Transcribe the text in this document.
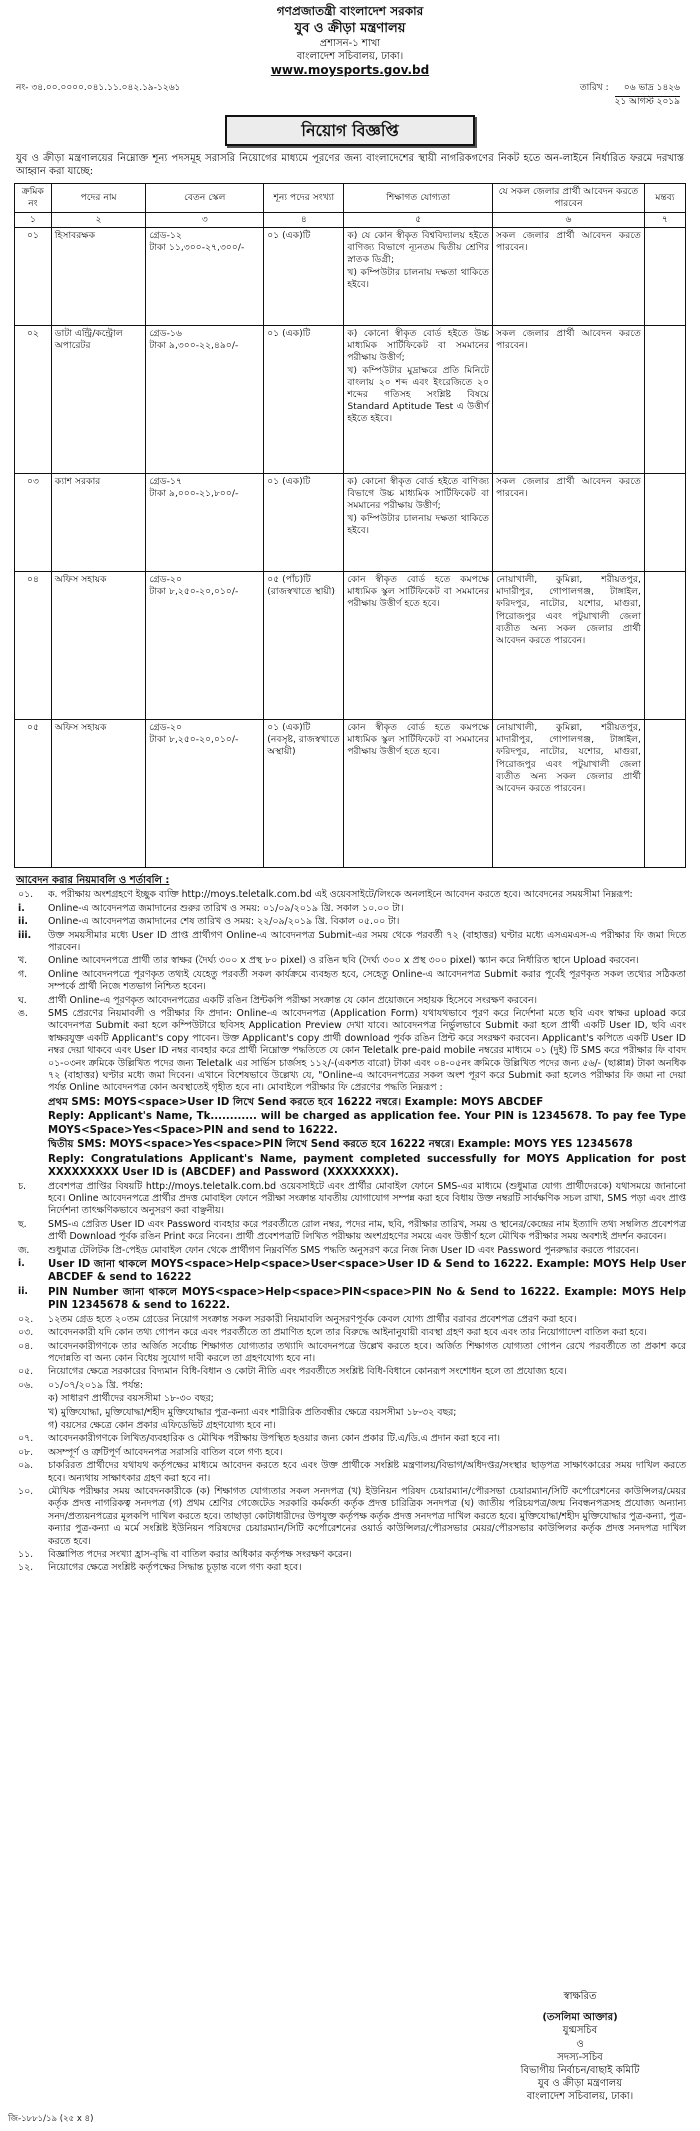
গণপ্রজাতন্ত্রী বাংলাদেশ সরকার
যুব ও ক্রীড়া মন্ত্রণালয়
প্রশাসন-১ শাখা
বাংলাদেশ সচিবালয়, ঢাকা।
www.moysports.gov.bd
নং- ৩৪.০০.০০০০.০৪১.১১.০৪২.১৯-১২৬১	তারিখ :	০৬ ভাদ্র ১৪২৬
২১ আগস্ট ২০১৯
নিয়োগ বিজ্ঞপ্তি
যুব ও ক্রীড়া মন্ত্রণালয়ের নিম্নোক্ত শূন্য পদসমূহ সরাসরি নিয়োগের মাধ্যমে পূরণের জন্য বাংলাদেশের স্থায়ী নাগরিকগণের নিকট হতে অন-লাইনে নির্ধারিত ফরমে দরখাস্ত আহ্বান করা যাচ্ছে:
ক্রমিক নং	পদের নাম	বেতন স্কেল	শূন্য পদের সংখ্যা	শিক্ষাগত যোগ্যতা	যে সকল জেলার প্রার্থী আবেদন করতে পারবেন	মন্তব্য
১	২	৩	৪	৫	৬	৭
০১	হিসাবরক্ষক	গ্রেড-১২
টাকা ১১,৩০০-২৭,৩০০/-	০১ (এক)টি	ক) যে কোন স্বীকৃত বিশ্ববিদ্যালয় হইতে বাণিজ্য বিভাগে ন্যূনতম দ্বিতীয় শ্রেণির স্নাতক ডিগ্রী;
খ) কম্পিউটার চালনায় দক্ষতা থাকিতে হইবে।	সকল জেলার প্রার্থী আবেদন করতে পারবেন।	
০২	ডাটা এন্ট্রি/কন্ট্রোল অপারেটর	গ্রেড-১৬
টাকা ৯,৩০০-২২,৪৯০/-	০১ (এক)টি	ক) কোনো স্বীকৃত বোর্ড হইতে উচ্চ মাধ্যমিক সার্টিফিকেট বা সমমানের পরীক্ষায় উত্তীর্ণ;
খ) কম্পিউটার মুদ্রাক্ষরে প্রতি মিনিটে বাংলায় ২০ শব্দ এবং ইংরেজিতে ২০ শব্দের গতিসহ সংশ্লিষ্ট বিষয়ে Standard Aptitude Test এ উত্তীর্ণ হইতে হইবে।	সকল জেলার প্রার্থী আবেদন করতে পারবেন।	
০৩	ক্যাশ সরকার	গ্রেড-১৭
টাকা ৯,০০০-২১,৮০০/-	০১ (এক)টি	ক) কোনো স্বীকৃত বোর্ড হইতে বাণিজ্য বিভাগে উচ্চ মাধ্যমিক সার্টিফিকেট বা সমমানের পরীক্ষায় উত্তীর্ণ;
খ) কম্পিউটার চালনায় দক্ষতা থাকিতে হইবে।	সকল জেলার প্রার্থী আবেদন করতে পারবেন।	
০৪	অফিস সহায়ক	গ্রেড-২০
টাকা ৮,২৫০-২০,০১০/-	০৫ (পাঁচ)টি
(রাজস্বখাতে স্থায়ী)	কোন স্বীকৃত বোর্ড হতে কমপক্ষে মাধ্যমিক স্কুল সার্টিফিকেট বা সমমানের পরীক্ষায় উত্তীর্ণ হতে হবে।	নোয়াখালী, কুমিল্লা, শরীয়তপুর, মাদারীপুর, গোপালগঞ্জ, টাঙ্গাইল, ফরিদপুর, নাটোর, যশোর, মাগুরা, পিরোজপুর এবং পটুয়াখালী জেলা ব্যতীত অন্য সকল জেলার প্রার্থী আবেদন করতে পারবেন।	
০৫	অফিস সহায়ক	গ্রেড-২০
টাকা ৮,২৫০-২০,০১০/-	০১ (এক)টি
(নবসৃষ্ট, রাজস্বখাতে অস্থায়ী)	কোন স্বীকৃত বোর্ড হতে কমপক্ষে মাধ্যমিক স্কুল সার্টিফিকেট বা সমমানের পরীক্ষায় উত্তীর্ণ হতে হবে।	নোয়াখালী, কুমিল্লা, শরীয়তপুর, মাদারীপুর, গোপালগঞ্জ, টাঙ্গাইল, ফরিদপুর, নাটোর, যশোর, মাগুরা, পিরোজপুর এবং পটুয়াখালী জেলা ব্যতীত অন্য সকল জেলার প্রার্থী আবেদন করতে পারবেন।	
আবেদন করার নিয়মাবলি ও শর্তাবলি :
০১.	ক. পরীক্ষায় অংশগ্রহণে ইচ্ছুক ব্যক্তি http://moys.teletalk.com.bd এই ওয়েবসাইটে/লিংকে অনলাইনে আবেদন করতে হবে। আবেদনের সময়সীমা নিম্নরূপ:
i.	Online-এ আবেদনপত্র জমাদানের শুরুর তারিখ ও সময়: ০১/০৯/২০১৯ খ্রি. সকাল ১০.০০ টা।
ii.	Online-এ আবেদনপত্র জমাদানের শেষ তারিখ ও সময়: ২২/০৯/২০১৯ খ্রি. বিকাল ০৫.০০ টা।
iii.	উক্ত সময়সীমার মধ্যে User ID প্রাপ্ত প্রার্থীগণ Online-এ আবেদনপত্র Submit-এর সময় থেকে পরবর্তী ৭২ (বাহাত্তর) ঘণ্টার মধ্যে এসএমএস-এ পরীক্ষার ফি জমা দিতে পারবেন।
খ.	Online আবেদনপত্রে প্রার্থী তার স্বাক্ষর (দৈর্ঘ্য ৩০০ x প্রস্থ ৮০ pixel) ও রঙিন ছবি (দৈর্ঘ্য ৩০০ x প্রস্থ ৩০০ pixel) স্ক্যান করে নির্ধারিত স্থানে Upload করবেন।
গ.	Online আবেদনপত্রে পূরণকৃত তথ্যই যেহেতু পরবর্তী সকল কার্যক্রমে ব্যবহৃত হবে, সেহেতু Online-এ আবেদনপত্র Submit করার পূর্বেই পূরণকৃত সকল তথ্যের সঠিকতা সম্পর্কে প্রার্থী নিজে শতভাগ নিশ্চিত হবেন।
ঘ.	প্রার্থী Online-এ পূরণকৃত আবেদনপত্রের একটি রঙিন প্রিন্টকপি পরীক্ষা সংক্রান্ত যে কোন প্রয়োজনে সহায়ক হিসেবে সংরক্ষণ করবেন।
ঙ.	SMS প্রেরণের নিয়মাবলী ও পরীক্ষার ফি প্রদান: Online-এ আবেদনপত্র (Application Form) যথাযথভাবে পূরণ করে নির্দেশনা মতে ছবি এবং স্বাক্ষর upload করে আবেদনপত্র Submit করা হলে কম্পিউটারে ছবিসহ Application Preview দেখা যাবে। আবেদনপত্র নির্ভুলভাবে Submit করা হলে প্রার্থী একটি User ID, ছবি এবং স্বাক্ষরযুক্ত একটি Applicant's copy পাবেন। উক্ত Applicant's copy প্রার্থী download পূর্বক রঙিন প্রিন্ট করে সংরক্ষণ করবেন। Applicant's কপিতে একটি User ID নম্বর দেয়া থাকবে এবং User ID নম্বর ব্যবহার করে প্রার্থী নিম্নোক্ত পদ্ধতিতে যে কোন Teletalk pre-paid mobile নম্বরের মাধ্যমে ০১ (দুই) টি SMS করে পরীক্ষার ফি বাবদ ০১-০৩নং ক্রমিকে উল্লিখিত পদের জন্য Teletalk এর সার্ভিস চার্জসহ ১১২/-(একশত বারো) টাকা এবং ০৪-০৫নং ক্রমিকে উল্লিখিত পদের জন্য ৫৬/- (ছাপ্পান্ন) টাকা অনধিক ৭২ (বাহাত্তর) ঘণ্টার মধ্যে জমা দিবেন। এখানে বিশেষভাবে উল্লেখ্য যে, "Online-এ আবেদনপত্রের সকল অংশ পূরণ করে Submit করা হলেও পরীক্ষার ফি জমা না দেয়া পর্যন্ত Online আবেদনপত্র কোন অবস্থাতেই গৃহীত হবে না। মোবাইলে পরীক্ষার ফি প্রেরণের পদ্ধতি নিম্নরূপ :
প্রথম SMS: MOYS<space>User ID লিখে Send করতে হবে 16222 নম্বরে। Example: MOYS ABCDEF
Reply: Applicant's Name, Tk............ will be charged as application fee. Your PIN is 12345678. To pay fee Type MOYS<Space>Yes<Space>PIN and send to 16222.
দ্বিতীয় SMS: MOYS<space>Yes<space>PIN লিখে Send করতে হবে 16222 নম্বরে। Example: MOYS YES 12345678
Reply: Congratulations Applicant's Name, payment completed successfully for MOYS Application for post XXXXXXXXX User ID is (ABCDEF) and Password (XXXXXXXX).
চ.	প্রবেশপত্র প্রাপ্তির বিষয়টি http://moys.teletalk.com.bd ওয়েবসাইটে এবং প্রার্থীর মোবাইল ফোনে SMS-এর মাধ্যমে (শুধুমাত্র যোগ্য প্রার্থীদেরকে) যথাসময়ে জানানো হবে। Online আবেদনপত্রে প্রার্থীর প্রদত্ত মোবাইল ফোনে পরীক্ষা সংক্রান্ত যাবতীয় যোগাযোগ সম্পন্ন করা হবে বিধায় উক্ত নম্বরটি সার্বক্ষণিক সচল রাখা, SMS পড়া এবং প্রাপ্ত নির্দেশনা তাৎক্ষণিকভাবে অনুসরণ করা বাঞ্ছনীয়।
ছ.	SMS-এ প্রেরিত User ID এবং Password ব্যবহার করে পরবর্তীতে রোল নম্বর, পদের নাম, ছবি, পরীক্ষার তারিখ, সময় ও স্থানের/কেন্দ্রের নাম ইত্যাদি তথ্য সম্বলিত প্রবেশপত্র প্রার্থী Download পূর্বক রঙিন Print করে নিবেন। প্রার্থী প্রবেশপত্রটি লিখিত পরীক্ষায় অংশগ্রহণের সময়ে এবং উত্তীর্ণ হলে মৌখিক পরীক্ষার সময় অবশ্যই প্রদর্শন করবেন।
জ.	শুধুমাত্র টেলিটক প্রি-পেইড মোবাইল ফোন থেকে প্রার্থীগণ নিম্নবর্ণিত SMS পদ্ধতি অনুসরণ করে নিজ নিজ User ID এবং Password পুনরুদ্ধার করতে পারবেন।
i.	User ID জানা থাকলে MOYS<space>Help<space>User<space>User ID & Send to 16222. Example: MOYS Help User ABCDEF & send to 16222
ii.	PIN Number জানা থাকলে MOYS<space>Help<space>PIN<space>PIN No & Send to 16222. Example: MOYS Help PIN 12345678 & send to 16222.
০২.	১২তম গ্রেড হতে ২০তম গ্রেডের নিয়োগ সংক্রান্ত সকল সরকারী নিয়মাবলি অনুসরণপূর্বক কেবল যোগ্য প্রার্থীর বরাবর প্রবেশপত্র প্রেরণ করা হবে।
০৩.	আবেদনকারী যদি কোন তথ্য গোপন করে এবং পরবর্তীতে তা প্রমাণিত হলে তার বিরুদ্ধে আইনানুযায়ী ব্যবস্থা গ্রহণ করা হবে এবং তার নিয়োগাদেশ বাতিল করা হবে।
০৪.	আবেদনকারীগণকে তার অর্জিত সর্বোচ্চ শিক্ষাগত যোগ্যতার তথ্যাদি আবেদনপত্রে উল্লেখ করতে হবে। অর্জিত শিক্ষাগত যোগ্যতা গোপন রেখে পরবর্তীতে তা প্রকাশ করে পদোন্নতি বা অন্য কোন বিধেয় সুযোগ দাবী করলে তা গ্রহণযোগ্য হবে না।
০৫.	নিয়োগের ক্ষেত্রে সরকারের বিদ্যমান বিধি-বিধান ও কোটা নীতি এবং পরবর্তীতে সংশ্লিষ্ট বিধি-বিধানে কোনরূপ সংশোধন হলে তা প্রযোজ্য হবে।
০৬.	০১/০৭/২০১৯ খ্রি. পর্যন্ত:
ক) সাধারণ প্রার্থীদের বয়সসীমা ১৮-৩০ বছর;
খ) মুক্তিযোদ্ধা, মুক্তিযোদ্ধা/শহীদ মুক্তিযোদ্ধার পুত্র-কন্যা এবং শারীরিক প্রতিবন্ধীর ক্ষেত্রে বয়সসীমা ১৮-৩২ বছর;
গ) বয়সের ক্ষেত্রে কোন প্রকার এফিডেভিট গ্রহণযোগ্য হবে না।
০৭.	আবেদনকারীগণকে লিখিত/ব্যবহারিক ও মৌখিক পরীক্ষায় উপস্থিত হওয়ার জন্য কোন প্রকার টি.এ/ডি.এ প্রদান করা হবে না।
০৮.	অসম্পূর্ণ ও ত্রুটিপূর্ণ আবেদনপত্র সরাসরি বাতিল বলে গণ্য হবে।
০৯.	চাকরিরত প্রার্থীদের যথাযথ কর্তৃপক্ষের মাধ্যমে আবেদন করতে হবে এবং উক্ত প্রার্থীকে সংশ্লিষ্ট মন্ত্রণালয়/বিভাগ/অধিদপ্তর/সংস্থার ছাড়পত্র সাক্ষাৎকারের সময় দাখিল করতে হবে। অন্যথায় সাক্ষাৎকার গ্রহণ করা হবে না।
১০.	মৌখিক পরীক্ষার সময় আবেদনকারীকে (ক) শিক্ষাগত যোগ্যতার সকল সনদপত্র (খ) ইউনিয়ন পরিষদ চেয়ারম্যান/পৌরসভা চেয়ারম্যান/সিটি কর্পোরেশনের কাউন্সিলর/মেয়র কর্তৃক প্রদত্ত নাগরিকত্ব সনদপত্র (গ) প্রথম শ্রেণির গেজেটেড সরকারি কর্মকর্তা কর্তৃক প্রদত্ত চারিত্রিক সনদপত্র (ঘ) জাতীয় পরিচয়পত্র/জন্ম নিবন্ধনপত্রসহ প্রযোজ্য অন্যান্য সনদ/প্রত্যয়নপত্রের মূলকপি দাখিল করতে হবে। তাছাড়া কোটাধারীদের উপযুক্ত কর্তৃপক্ষ কর্তৃক প্রদত্ত সনদপত্র দাখিল করতে হবে। মুক্তিযোদ্ধা/শহীদ মুক্তিযোদ্ধার পুত্র-কন্যা, পুত্র-কন্যার পুত্র-কন্যা এ মর্মে সংশ্লিষ্ট ইউনিয়ন পরিষদের চেয়ারম্যান/সিটি কর্পোরেশনের ওয়ার্ড কাউন্সিলর/পৌরসভার মেয়র/পৌরসভার কাউন্সিলর কর্তৃক প্রদত্ত সনদপত্র দাখিল করতে হবে।
১১.	বিজ্ঞাপিত পদের সংখ্যা হ্রাস-বৃদ্ধি বা বাতিল করার অধিকার কর্তৃপক্ষ সংরক্ষণ করেন।
১২.	নিয়োগের ক্ষেত্রে সংশ্লিষ্ট কর্তৃপক্ষের সিদ্ধান্ত চূড়ান্ত বলে গণ্য করা হবে।
স্বাক্ষরিত
(তসলিমা আক্তার)
যুগ্মসচিব
ও
সদস্য-সচিব
বিভাগীয় নির্বাচন/বাছাই কমিটি
যুব ও ক্রীড়া মন্ত্রণালয়
বাংলাদেশ সচিবালয়, ঢাকা।
জি-১৮৮১/১৯ (২৫ x ৪)
